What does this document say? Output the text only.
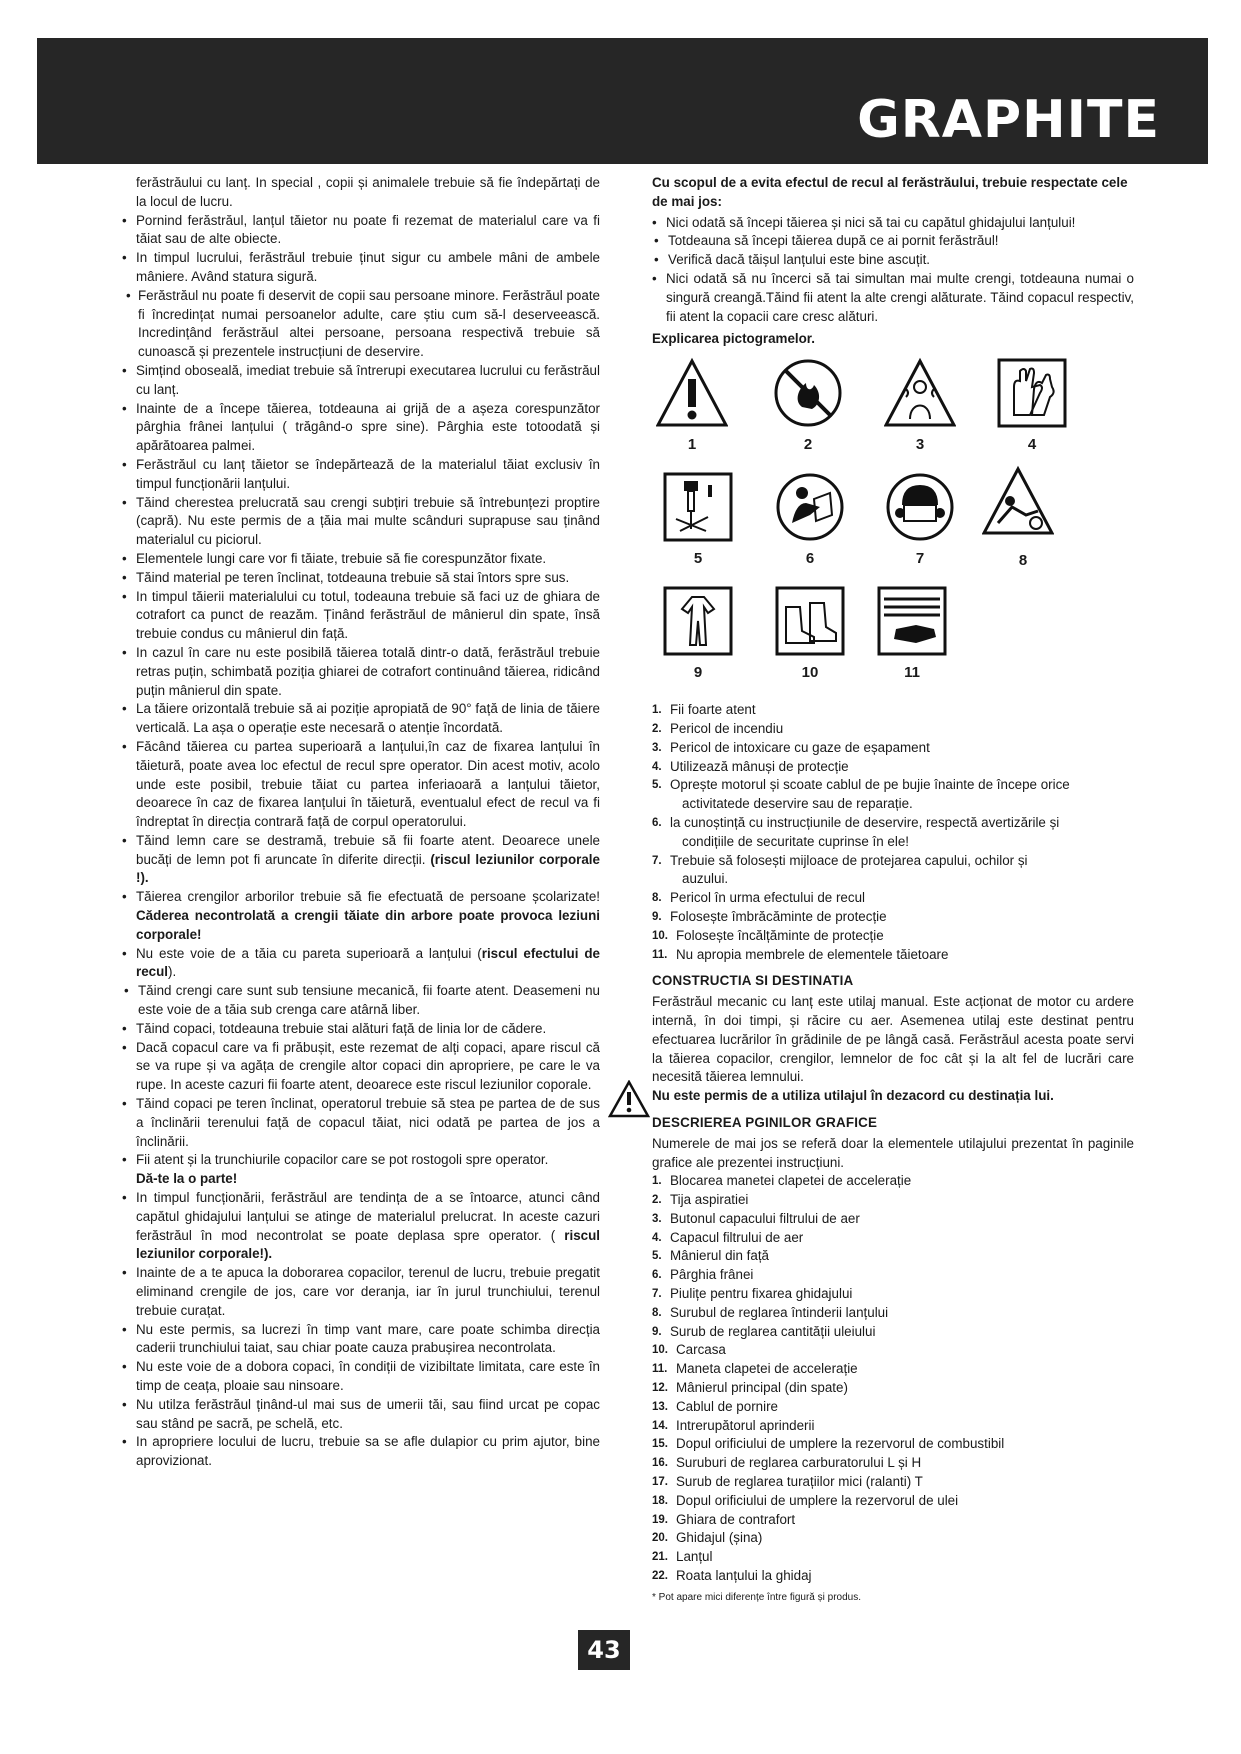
GRAPHITE
ferăstrăului cu lanț. In special , copii și animalele trebuie să fie îndepărtați de la locul de lucru.
• Pornind ferăstrăul, lanțul tăietor nu poate fi rezemat de materialul care va fi tăiat sau de alte obiecte.
• In timpul lucrului, ferăstrăul trebuie ținut sigur cu ambele mâni de ambele mâniere. Având statura sigură.
• Ferăstrăul nu poate fi deservit de copii sau persoane minore. Ferăstrăul poate fi încredințat numai persoanelor adulte, care știu cum să-l deserveească. Incredințând ferăstrăul altei persoane, persoana respectivă trebuie să cunoască și prezentele instrucțiuni de deservire.
• Simțind oboseală, imediat trebuie să întrerupi executarea lucrului cu ferăstrăul cu lanț.
• Inainte de a începe tăierea, totdeauna ai grijă de a așeza corespunzător pârghia frânei lanțului ( trăgând-o spre sine). Pârghia este totoodată și apărătoarea palmei.
• Ferăstrăul cu lanț tăietor se îndepărtează de la materialul tăiat exclusiv în timpul funcționării lanțului.
• Tăind cherestea prelucrată sau crengi subțiri trebuie să întrebunțezi proptire (capră). Nu este permis de a țăia mai multe scânduri suprapuse sau ținând materialul cu piciorul.
• Elementele lungi care vor fi tăiate, trebuie să fie corespunzător fixate.
• Tăind material pe teren înclinat, totdeauna trebuie să stai întors spre sus.
• In timpul tăierii materialului cu totul, todeauna trebuie să faci uz de ghiara de cotrafort ca punct de reazăm. Ținând ferăstrăul de mânierul din spate, însă trebuie condus cu mânierul din față.
• In cazul în care nu este posibilă tăierea totală dintr-o dată, ferăstrăul trebuie retras puțin, schimbată poziția ghiarei de cotrafort continuând tăierea, ridicând puțin mânierul din spate.
• La tăiere orizontală trebuie să ai poziție apropiată de 90° față de linia de tăiere verticală. La așa o operație este necesară o atenție încordată.
• Făcând tăierea cu partea superioară a lanțului,în caz de fixarea lanțului în tăietură, poate avea loc efectul de recul spre operator. Din acest motiv, acolo unde este posibil, trebuie tăiat cu partea inferiaoară a lanțului tăietor, deoarece în caz de fixarea lanțului în tăietură, eventualul efect de recul va fi îndreptat în direcția contrară față de corpul operatorului.
• Tăind lemn care se destramă, trebuie să fii foarte atent. Deoarece unele bucăți de lemn pot fi aruncate în diferite direcții. (riscul leziunilor corporale !).
• Tăierea crengilor arborilor trebuie să fie efectuată de persoane școlarizate! Căderea necontrolată a crengii tăiate din arbore poate provoca leziuni corporale!
• Nu este voie de a tăia cu pareta superioară a lanțului (riscul efectului de recul).
• Tăind crengi care sunt sub tensiune mecanică, fii foarte atent. Deasemeni nu este voie de a tăia sub crenga care atârnă liber.
• Tăind copaci, totdeauna trebuie stai alături față de linia lor de cădere.
• Dacă copacul care va fi prăbușit, este rezemat de alți copaci, apare riscul că se va rupe și va agăța de crengile altor copaci din apropriere, pe care le va rupe. In aceste cazuri fii foarte atent, deoarece este riscul leziunilor coporale.
• Tăind copaci pe teren înclinat, operatorul trebuie să stea pe partea de de sus a înclinării terenului față de copacul tăiat, nici odată pe partea de jos a înclinării.
• Fii atent și la trunchiurile copacilor care se pot rostogoli spre operator.
Dă-te la o parte!
• In timpul funcționării, ferăstrăul are tendința de a se întoarce, atunci când capătul ghidajului lanțului se atinge de materialul prelucrat. In aceste cazuri ferăstrăul în mod necontrolat se poate deplasa spre operator. ( riscul leziunilor corporale!).
• Inainte de a te apuca la doborarea copacilor, terenul de lucru, trebuie pregatit eliminand crengile de jos, care vor deranja, iar în jurul trunchiului, terenul trebuie curațat.
• Nu este permis, sa lucrezi în timp vant mare, care poate schimba direcția caderii trunchiului taiat, sau chiar poate cauza prabușirea necontrolata.
• Nu este voie de a dobora copaci, în condiții de vizibiltate limitata, care este în timp de ceața, ploaie sau ninsoare.
• Nu utilza ferăstrăul ținând-ul mai sus de umerii tăi, sau fiind urcat pe copac sau stând pe sacră, pe schelă, etc.
• In apropriere locului de lucru, trebuie sa se afle dulapior cu prim ajutor, bine aprovizionat.

Cu scopul de a evita efectul de recul al ferăstrăului, trebuie respectate cele de mai jos:

• Nici odată să începi tăierea și nici să tai cu capătul ghidajului lanțului!
• Totdeauna să începi tăierea după ce ai pornit ferăstrăul!
• Verifică dacă tăișul lanțului este bine ascuțit.
• Nici odată să nu încerci să tai simultan mai multe crengi, totdeauna numai o singură creangă.Tăind fii atent la alte crengi alăturate. Tăind copacul respectiv, fii atent la copacii care cresc alături.

Explicarea pictogramelor.

1	2	3	4
5	6	7	8
9	10	11
1. Fii foarte atent
2. Pericol de incendiu
3. Pericol de intoxicare cu gaze de eșapament
4. Utilizează mânuși de protecție
5. Oprește motorul și scoate cablul de pe bujie înainte de începe orice
activitatede deservire sau de reparație.
6. la cunoștință cu instrucțiunile de deservire, respectă avertizările și
condițiile de securitate cuprinse în ele!
7. Trebuie să folosești mijloace de protejarea capului, ochilor și
auzului.
8. Pericol în urma efectului de recul
9. Folosește îmbrăcăminte de protecție
10. Folosește încălțăminte de protecție
11. Nu apropia membrele de elementele tăietoare

CONSTRUCTIA SI DESTINATIA

Ferăstrăul mecanic cu lanț este utilaj manual. Este acționat de motor cu ardere internă, în doi timpi, și răcire cu aer. Asemenea utilaj este destinat pentru efectuarea lucrărilor în grădinile de pe lângă casă. Ferăstrăul acesta poate servi la tăierea copacilor, crengilor, lemnelor de foc cât și la alt fel de lucrări care necesită tăierea lemnului.

Nu este permis de a utiliza utilajul în dezacord cu destinația lui.

DESCRIEREA PGINILOR GRAFICE

Numerele de mai jos se referă doar la elementele utilajului prezentat în paginile grafice ale prezentei instrucțiuni.

1. Blocarea manetei clapetei de accelerație
2. Tija aspiratiei
3. Butonul capacului filtrului de aer
4. Capacul filtrului de aer
5. Mânierul din față
6. Pârghia frânei
7. Piulițe pentru fixarea ghidajului
8. Surubul de reglarea întinderii lanțului
9. Surub de reglarea cantității uleiului
10. Carcasa
11. Maneta clapetei de accelerație
12. Mânierul principal (din spate)
13. Cablul de pornire
14. Intrerupătorul aprinderii
15. Dopul orificiului de umplere la rezervorul de combustibil
16. Suruburi de reglarea carburatorului L și H
17. Surub de reglarea turațiilor mici (ralanti) T
18. Dopul orificiului de umplere la rezervorul de ulei
19. Ghiara de contrafort
20. Ghidajul (șina)
21. Lanțul
22. Roata lanțului la ghidaj
* Pot apare mici diferențe între figură și produs.
43
